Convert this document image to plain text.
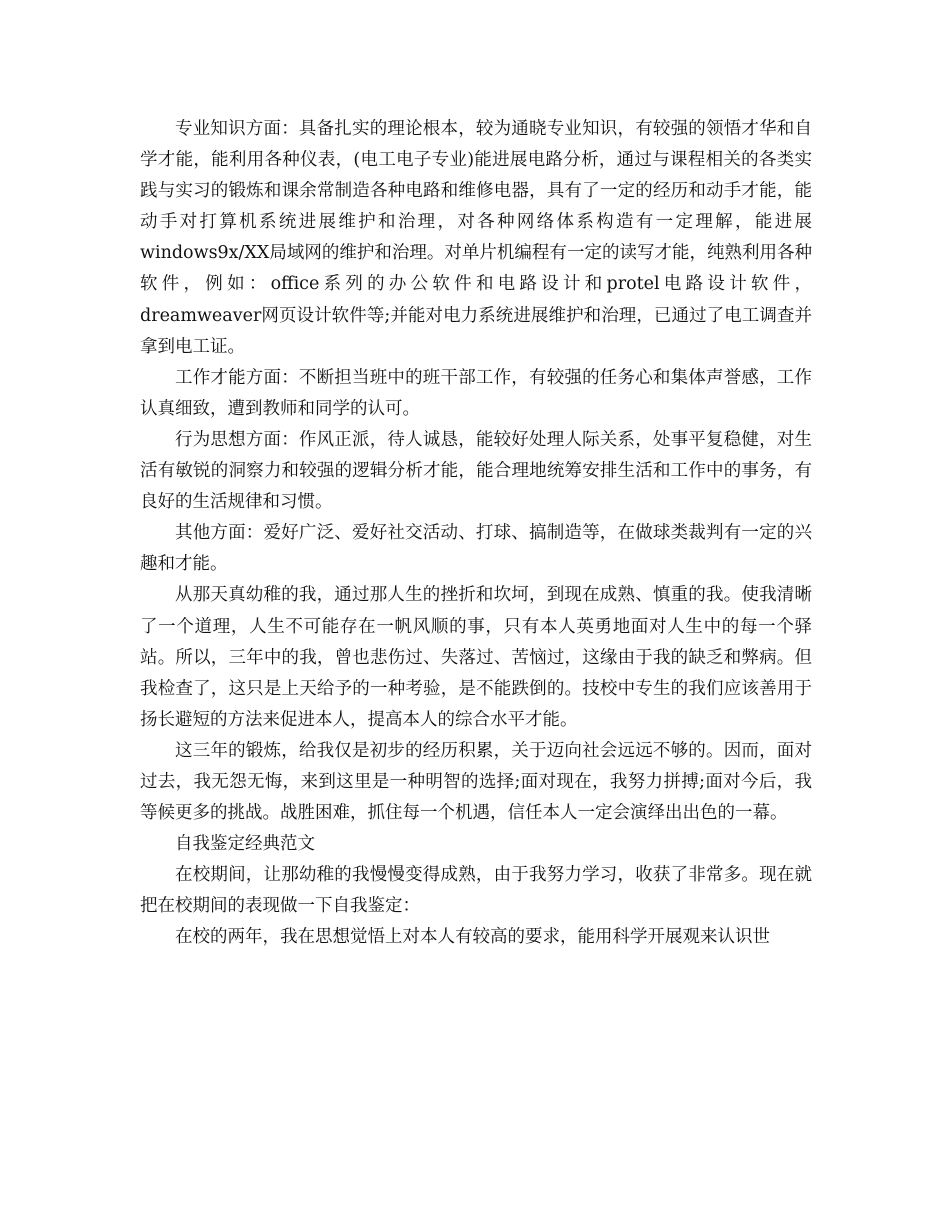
专业知识方面：具备扎实的理论根本，较为通晓专业知识，有较强的领悟才华和自学才能，能利用各种仪表，(电工电子专业)能进展电路分析，通过与课程相关的各类实践与实习的锻炼和课余常制造各种电路和维修电器，具有了一定的经历和动手才能，能动手对打算机系统进展维护和治理，对各种网络体系构造有一定理解，能进展windows9x/XX局域网的维护和治理。对单片机编程有一定的读写才能，纯熟利用各种软件，例如：office系列的办公软件和电路设计和protel电路设计软件，dreamweaver网页设计软件等;并能对电力系统进展维护和治理，已通过了电工调查并拿到电工证。

工作才能方面：不断担当班中的班干部工作，有较强的任务心和集体声誉感，工作认真细致，遭到教师和同学的认可。

行为思想方面：作风正派，待人诚恳，能较好处理人际关系，处事平复稳健，对生活有敏锐的洞察力和较强的逻辑分析才能，能合理地统筹安排生活和工作中的事务，有良好的生活规律和习惯。

其他方面：爱好广泛、爱好社交活动、打球、搞制造等，在做球类裁判有一定的兴趣和才能。

从那天真幼稚的我，通过那人生的挫折和坎坷，到现在成熟、慎重的我。使我清晰了一个道理，人生不可能存在一帆风顺的事，只有本人英勇地面对人生中的每一个驿站。所以，三年中的我，曾也悲伤过、失落过、苦恼过，这缘由于我的缺乏和弊病。但我检查了，这只是上天给予的一种考验，是不能跌倒的。技校中专生的我们应该善用于扬长避短的方法来促进本人，提高本人的综合水平才能。

这三年的锻炼，给我仅是初步的经历积累，关于迈向社会远远不够的。因而，面对过去，我无怨无悔，来到这里是一种明智的选择;面对现在，我努力拼搏;面对今后，我等候更多的挑战。战胜困难，抓住每一个机遇，信任本人一定会演绎出出色的一幕。

自我鉴定经典范文

在校期间，让那幼稚的我慢慢变得成熟，由于我努力学习，收获了非常多。现在就把在校期间的表现做一下自我鉴定：

在校的两年，我在思想觉悟上对本人有较高的要求，能用科学开展观来认识世
